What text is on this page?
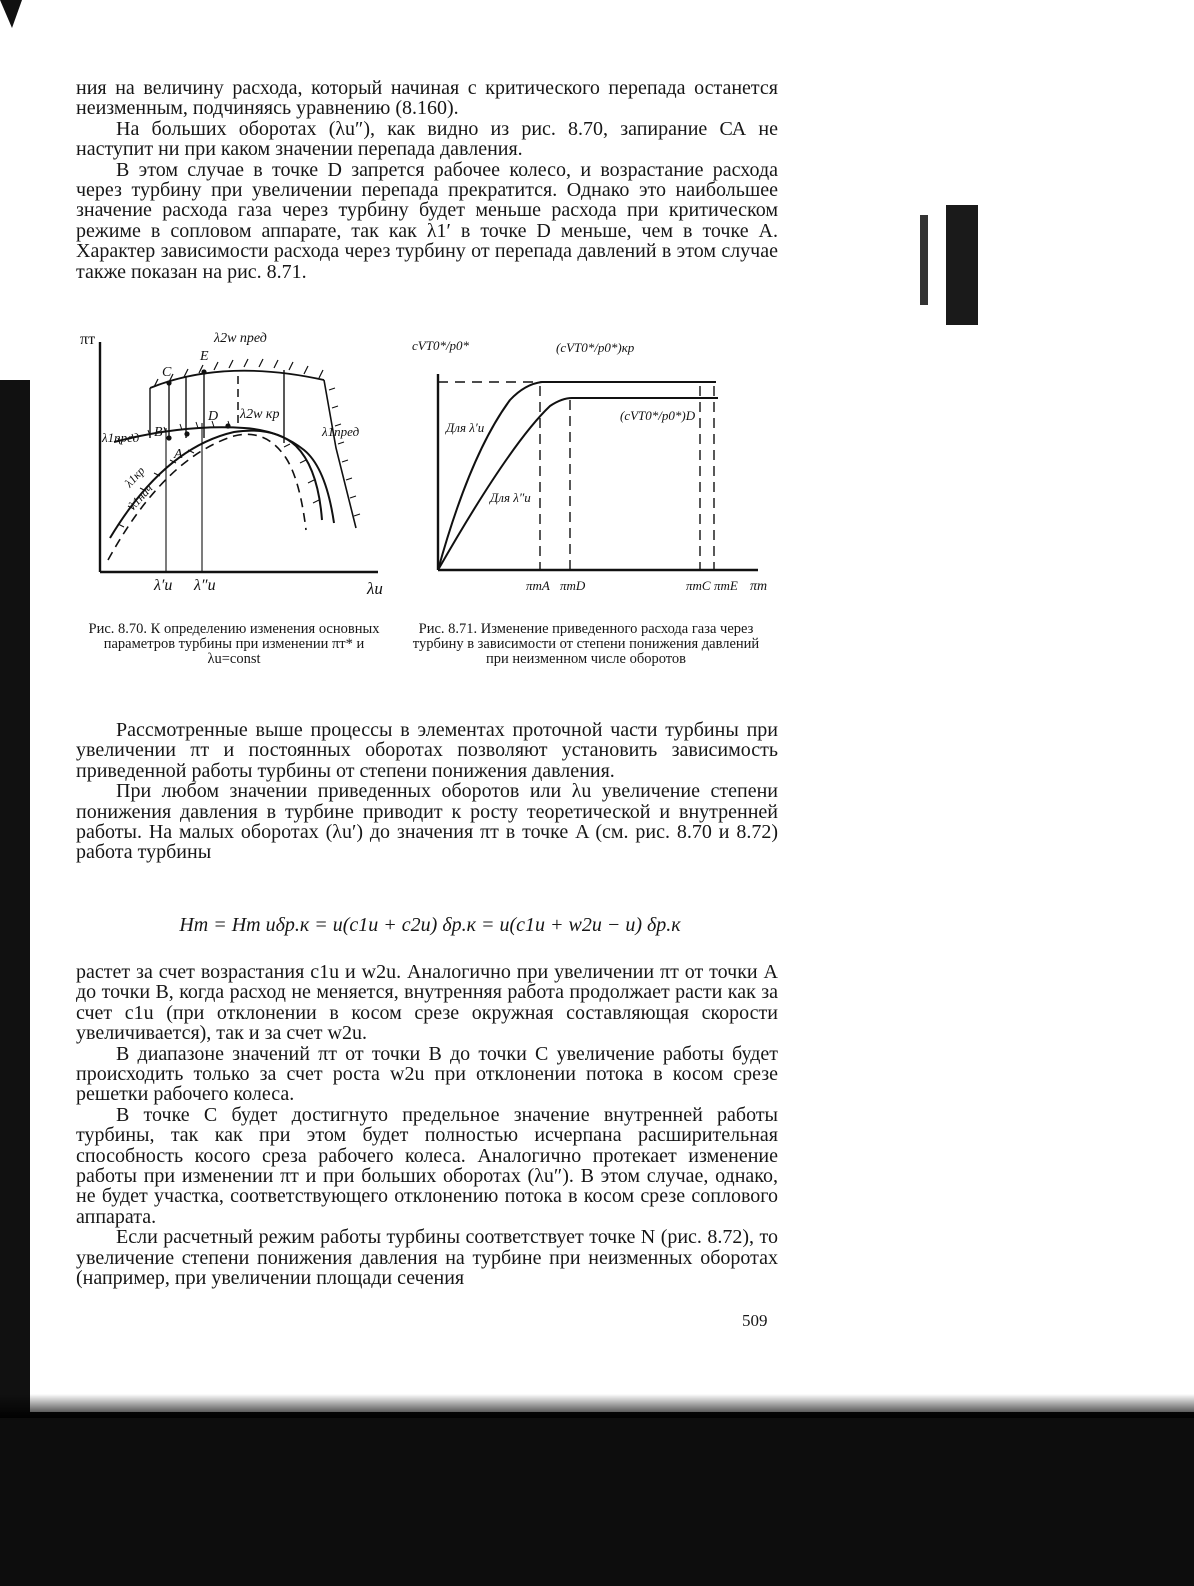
ния на величину расхода, который начиная с критического перепада останется неизменным, подчиняясь уравнению (8.160).

На больших оборотах (λu″), как видно из рис. 8.70, запирание СА не наступит ни при каком значении перепада давления.

В этом случае в точке D запрется рабочее колесо, и возрастание расхода через турбину при увеличении перепада прекратится. Однако это наибольшее значение расхода газа через турбину будет меньше расхода при критическом режиме в сопловом аппарате, так как λ1′ в точке D меньше, чем в точке A. Характер зависимости расхода через турбину от перепада давлений в этом случае также показан на рис. 8.71.

πт
λu
λ2w пред
λ2w кр
λ1пред
λ1пред
λ1кр
λ1нач
C
E
B
A
D
λ′u λ″u
cVT0*/p0*	(cVT0*/p0*)кр
(cVT0*/p0*)D
Для λ′u
Для λ″u
πтA πтD	πтC πтE πт
Рис. 8.70. К определению изменения основных параметров турбины при изменении πт* и λu=const
Рис. 8.71. Изменение приведенного расхода газа через турбину в зависимости от степени понижения давлений при неизменном числе оборотов

Рассмотренные выше процессы в элементах проточной части турбины при увеличении πт и постоянных оборотах позволяют установить зависимость приведенной работы турбины от степени понижения давления.

При любом значении приведенных оборотов или λu увеличение степени понижения давления в турбине приводит к росту теоретической и внутренней работы. На малых оборотах (λu′) до значения πт в точке A (см. рис. 8.70 и 8.72) работа турбины

Hт = Hт uδр.к = u(c1u + c2u) δр.к = u(c1u + w2u − u) δр.к

растет за счет возрастания c1u и w2u. Аналогично при увеличении πт от точки A до точки B, когда расход не меняется, внутренняя работа продолжает расти как за счет c1u (при отклонении в косом срезе окружная составляющая скорости увеличивается), так и за счет w2u.

В диапазоне значений πт от точки B до точки C увеличение работы будет происходить только за счет роста w2u при отклонении потока в косом срезе решетки рабочего колеса.

В точке C будет достигнуто предельное значение внутренней работы турбины, так как при этом будет полностью исчерпана расширительная способность косого среза рабочего колеса. Аналогично протекает изменение работы при изменении πт и при больших оборотах (λu″). В этом случае, однако, не будет участка, соответствующего отклонению потока в косом срезе соплового аппарата.

Если расчетный режим работы турбины соответствует точке N (рис. 8.72), то увеличение степени понижения давления на турбине при неизменных оборотах (например, при увеличении площади сечения

509
